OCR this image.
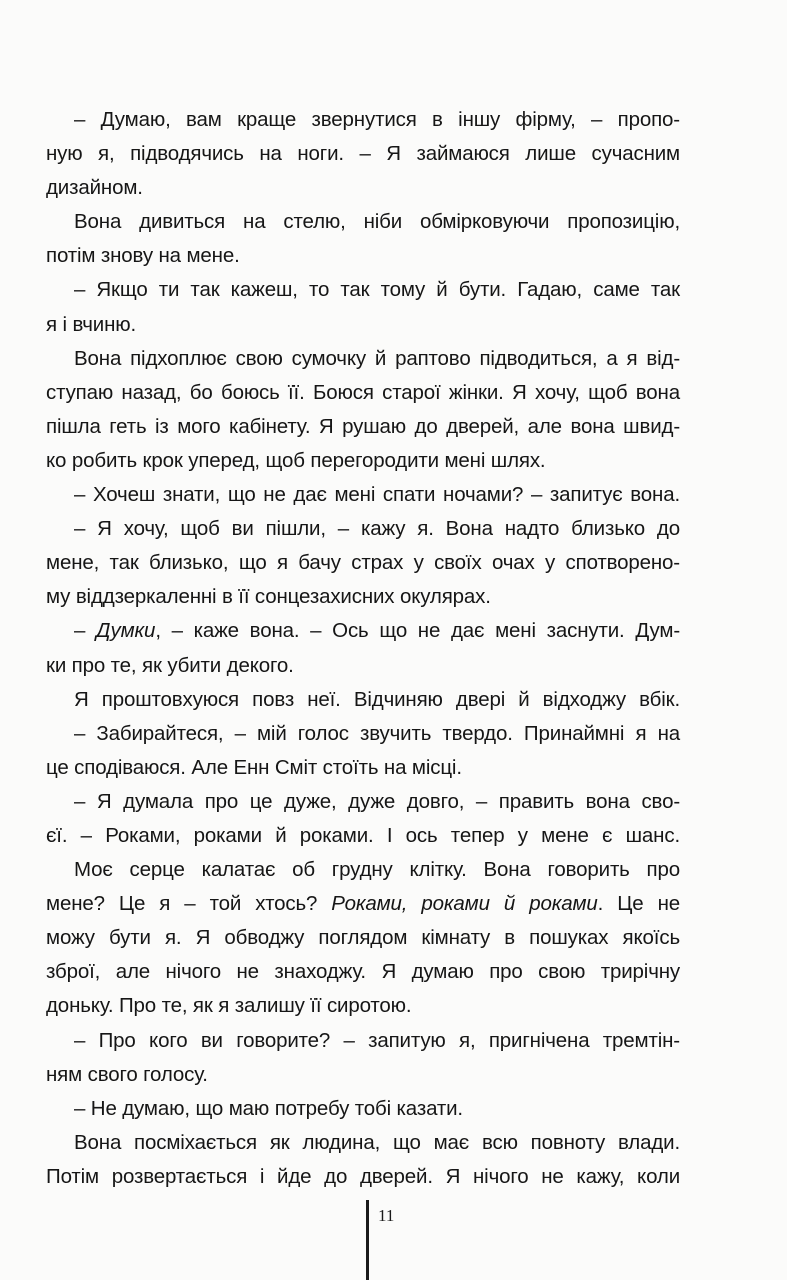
– Думаю, вам краще звернутися в іншу фірму, – пропо-
ную я, підводячись на ноги. – Я займаюся лише сучасним
дизайном.
Вона дивиться на стелю, ніби обмірковуючи пропозицію,
потім знову на мене.
– Якщо ти так кажеш, то так тому й бути. Гадаю, саме так
я і вчиню.
Вона підхоплює свою сумочку й раптово підводиться, а я від-
ступаю назад, бо боюсь її. Боюся старої жінки. Я хочу, щоб вона
пішла геть із мого кабінету. Я рушаю до дверей, але вона швид-
ко робить крок уперед, щоб перегородити мені шлях.
– Хочеш знати, що не дає мені спати ночами? – запитує вона.
– Я хочу, щоб ви пішли, – кажу я. Вона надто близько до
мене, так близько, що я бачу страх у своїх очах у спотворено-
му віддзеркаленні в її сонцезахисних окулярах.
– Думки, – каже вона. – Ось що не дає мені заснути. Дум-
ки про те, як убити декого.
Я проштовхуюся повз неї. Відчиняю двері й відходжу вбік.
– Забирайтеся, – мій голос звучить твердо. Принаймні я на
це сподіваюся. Але Енн Сміт стоїть на місці.
– Я думала про це дуже, дуже довго, – править вона сво-
єї. – Роками, роками й роками. І ось тепер у мене є шанс.
Моє серце калатає об грудну клітку. Вона говорить про
мене? Це я – той хтось? Роками, роками й роками. Це не
можу бути я. Я обводжу поглядом кімнату в пошуках якоїсь
зброї, але нічого не знаходжу. Я думаю про свою трирічну
доньку. Про те, як я залишу її сиротою.
– Про кого ви говорите? – запитую я, пригнічена тремтін-
ням свого голосу.
– Не думаю, що маю потребу тобі казати.
Вона посміхається як людина, що має всю повноту влади.
Потім розвертається і йде до дверей. Я нічого не кажу, коли
11
